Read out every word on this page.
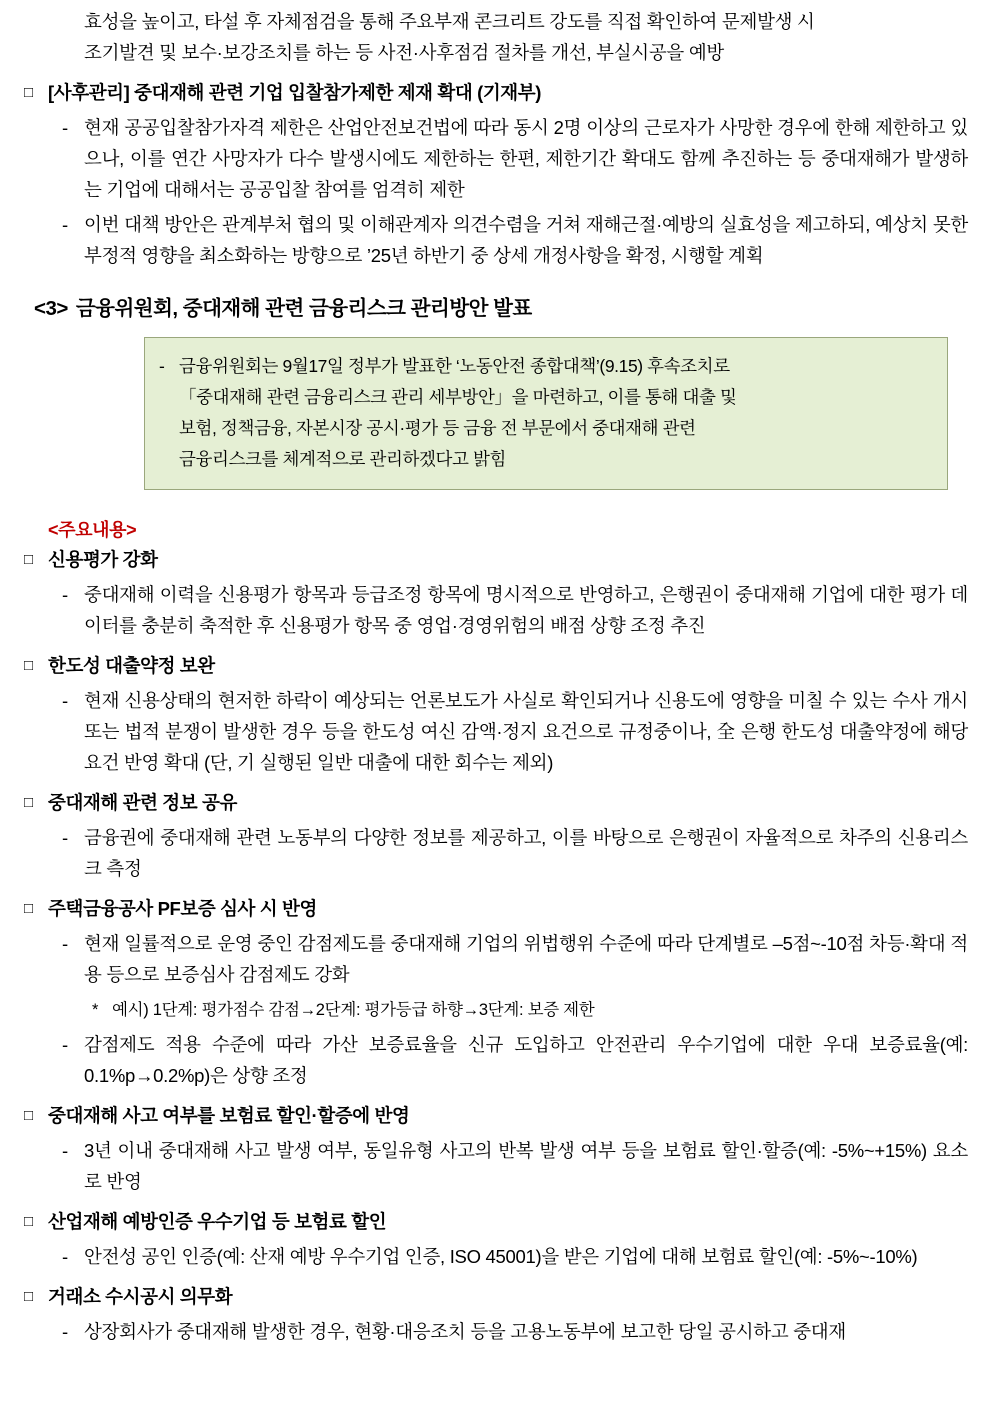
효성을 높이고, 타설 후 자체점검을 통해 주요부재 콘크리트 강도를 직접 확인하여 문제발생 시
조기발견 및 보수·보강조치를 하는 등 사전·사후점검 절차를 개선, 부실시공을 예방
□ [사후관리] 중대재해 관련 기업 입찰참가제한 제재 확대 (기재부)
- 현재 공공입찰참가자격 제한은 산업안전보건법에 따라 동시 2명 이상의 근로자가 사망한 경우에 한해 제한하고 있으나, 이를 연간 사망자가 다수 발생시에도 제한하는 한편, 제한기간 확대도 함께 추진하는 등 중대재해가 발생하는 기업에 대해서는 공공입찰 참여를 엄격히 제한
- 이번 대책 방안은 관계부처 협의 및 이해관계자 의견수렴을 거쳐 재해근절·예방의 실효성을 제고하되, 예상치 못한 부정적 영향을 최소화하는 방향으로 ’25년 하반기 중 상세 개정사항을 확정, 시행할 계획
<3> 금융위원회, 중대재해 관련 금융리스크 관리방안 발표
- 금융위원회는 9월17일 정부가 발표한 ‘노동안전 종합대책’(9.15) 후속조치로
「중대재해 관련 금융리스크 관리 세부방안」을 마련하고, 이를 통해 대출 및
보험, 정책금융, 자본시장 공시·평가 등 금융 전 부문에서 중대재해 관련
금융리스크를 체계적으로 관리하겠다고 밝힘
<주요내용>
□ 신용평가 강화
- 중대재해 이력을 신용평가 항목과 등급조정 항목에 명시적으로 반영하고, 은행권이 중대재해 기업에 대한 평가 데이터를 충분히 축적한 후 신용평가 항목 중 영업·경영위험의 배점 상향 조정 추진
□ 한도성 대출약정 보완
- 현재 신용상태의 현저한 하락이 예상되는 언론보도가 사실로 확인되거나 신용도에 영향을 미칠 수 있는 수사 개시 또는 법적 분쟁이 발생한 경우 등을 한도성 여신 감액·정지 요건으로 규정중이나, 全 은행 한도성 대출약정에 해당 요건 반영 확대 (단, 기 실행된 일반 대출에 대한 회수는 제외)
□ 중대재해 관련 정보 공유
- 금융권에 중대재해 관련 노동부의 다양한 정보를 제공하고, 이를 바탕으로 은행권이 자율적으로 차주의 신용리스크 측정
□ 주택금융공사 PF보증 심사 시 반영
- 현재 일률적으로 운영 중인 감점제도를 중대재해 기업의 위법행위 수준에 따라 단계별로 –5점~-10점 차등·확대 적용 등으로 보증심사 감점제도 강화
* 예시) 1단계: 평가점수 감점→2단계: 평가등급 하향→3단계: 보증 제한
- 감점제도 적용 수준에 따라 가산 보증료율을 신규 도입하고 안전관리 우수기업에 대한 우대 보증료율(예: 0.1%p→0.2%p)은 상향 조정
□ 중대재해 사고 여부를 보험료 할인·할증에 반영
- 3년 이내 중대재해 사고 발생 여부, 동일유형 사고의 반복 발생 여부 등을 보험료 할인·할증(예: -5%~+15%) 요소로 반영
□ 산업재해 예방인증 우수기업 등 보험료 할인
- 안전성 공인 인증(예: 산재 예방 우수기업 인증, ISO 45001)을 받은 기업에 대해 보험료 할인(예: -5%~-10%)
□ 거래소 수시공시 의무화
- 상장회사가 중대재해 발생한 경우, 현황·대응조치 등을 고용노동부에 보고한 당일 공시하고 중대재
